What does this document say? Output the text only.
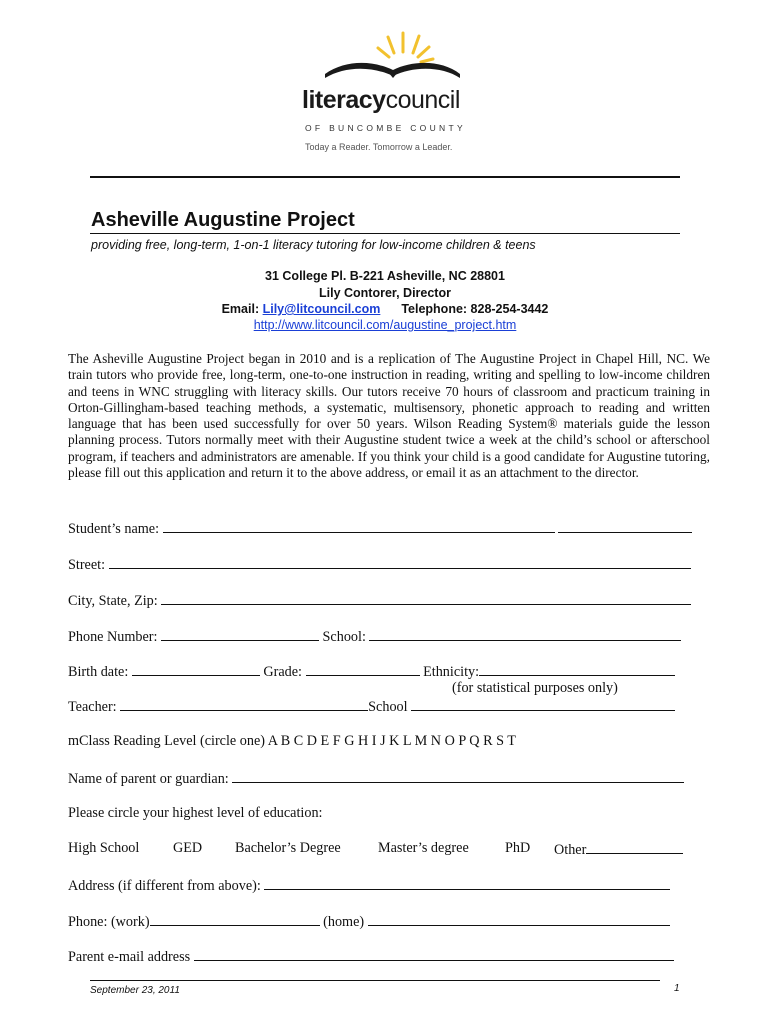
literacycouncil
OF BUNCOMBE COUNTY
Today a Reader. Tomorrow a Leader.
Asheville Augustine Project
providing free, long-term, 1-on-1 literacy tutoring for low-income children & teens
31 College Pl. B-221 Asheville, NC 28801
Lily Contorer, Director
Email: Lily@litcouncil.com Telephone: 828-254-3442
http://www.litcouncil.com/augustine_project.htm
The Asheville Augustine Project began in 2010 and is a replication of The Augustine Project in Chapel Hill, NC. We train tutors who provide free, long-term, one-to-one instruction in reading, writing and spelling to low-income children and teens in WNC struggling with literacy skills. Our tutors receive 70 hours of classroom and practicum training in Orton-Gillingham-based teaching methods, a systematic, multisensory, phonetic approach to reading and written language that has been used successfully for over 50 years. Wilson Reading System® materials guide the lesson planning process. Tutors normally meet with their Augustine student twice a week at the child’s school or afterschool program, if teachers and administrators are amenable. If you think your child is a good candidate for Augustine tutoring, please fill out this application and return it to the above address, or email it as an attachment to the director.
Student’s name:
Street:
City, State, Zip:
Phone Number:	School:
Birth date:	Grade:	Ethnicity:
(for statistical purposes only)
Teacher:	School
mClass Reading Level (circle one) A B C D E F G H I J K L M N O P Q R S T
Name of parent or guardian:
Please circle your highest level of education:
High School GED Bachelor’s Degree	Master’s degree	PhD Other
Address (if different from above):
Phone: (work)	(home)
Parent e-mail address
September 23, 2011	1
